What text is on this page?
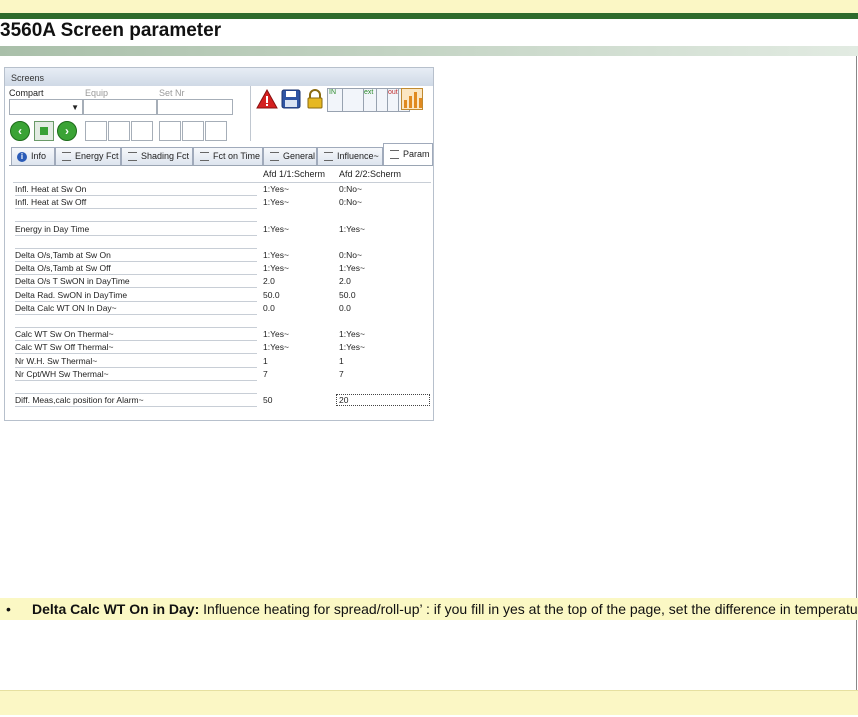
3560A Screen parameter
Screens
Compart	Equip	Set Nr
▼
‹	›
IN	ext out
i Info	Energy Fct	Shading Fct	Fct on Time	General	Influence~	Param
Afd 1/1:Scherm Afd 2/2:Scherm
Infl. Heat at Sw On	1:Yes~	0:No~
Infl. Heat at Sw Off	1:Yes~	0:No~
Energy in Day Time	1:Yes~	1:Yes~
Delta O/s,Tamb at Sw On	1:Yes~	0:No~
Delta O/s,Tamb at Sw Off	1:Yes~	1:Yes~
Delta O/s T SwON in DayTime	2.0	2.0
Delta Rad. SwON in DayTime	50.0	50.0
Delta Calc WT ON In Day~	0.0	0.0
Calc WT Sw On Thermal~	1:Yes~	1:Yes~
Calc WT Sw Off Thermal~	1:Yes~	1:Yes~
Nr W.H. Sw Thermal~	1	1
Nr Cpt/WH Sw Thermal~	7	7
Diff. Meas,calc position for Alarm~	50	20
• Delta Calc WT On in Day: Influence heating for spread/roll-up’ : if you fill in yes at the top of the page, set the difference in temperatu
